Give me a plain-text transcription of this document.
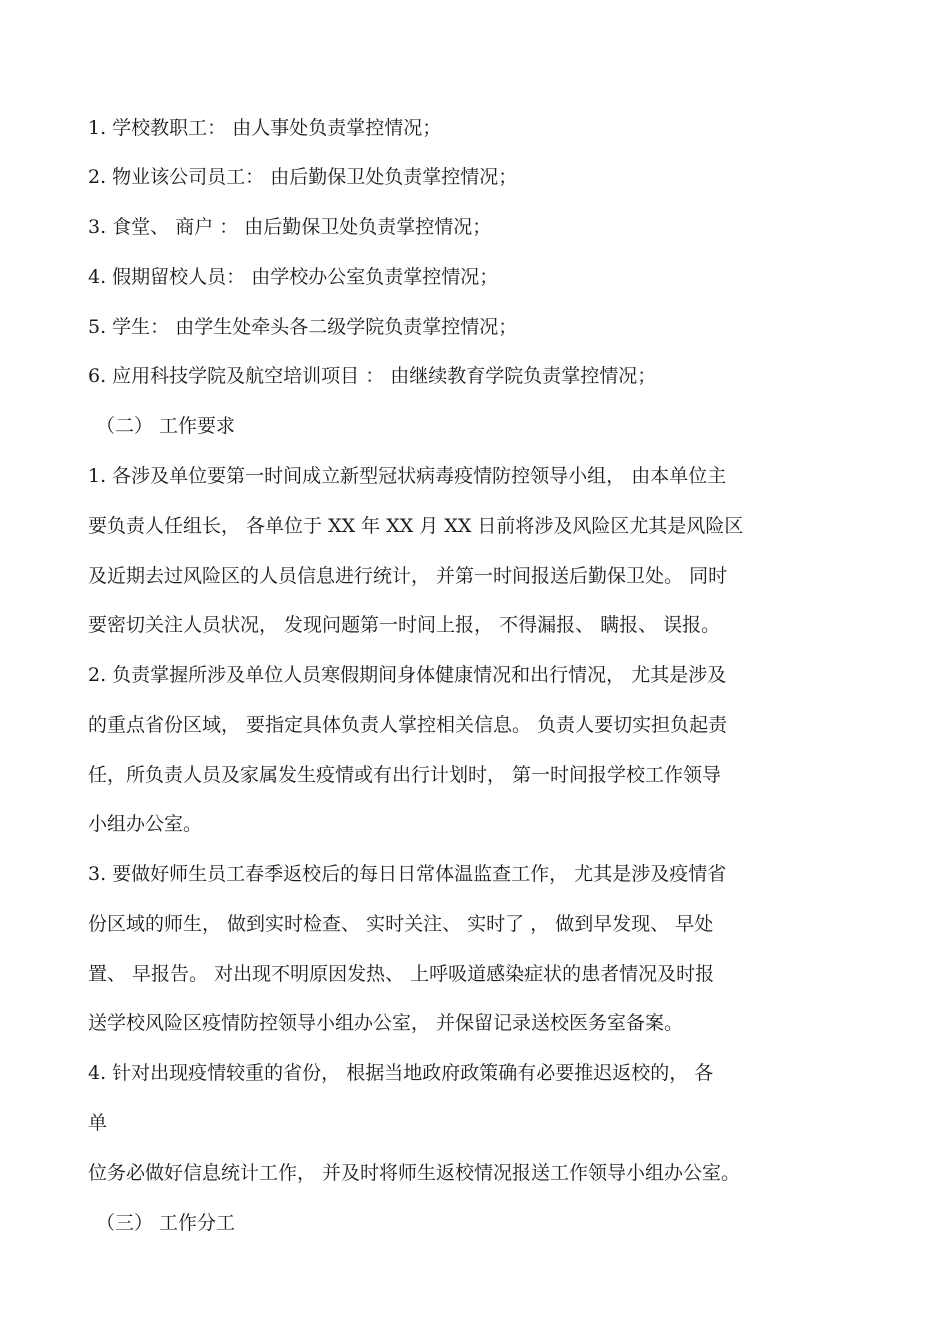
1. 学校教职工： 由人事处负责掌控情况；
2. 物业该公司员工： 由后勤保卫处负责掌控情况；
3. 食堂、 商户 ： 由后勤保卫处负责掌控情况；
4. 假期留校人员： 由学校办公室负责掌控情况；
5. 学生： 由学生处牵头各二级学院负责掌控情况；
6. 应用科技学院及航空培训项目 ： 由继续教育学院负责掌控情况；
（二） 工作要求
1. 各涉及单位要第一时间成立新型冠状病毒疫情防控领导小组， 由本单位主
要负责人任组长， 各单位于 XX 年 XX 月 XX 日前将涉及风险区尤其是风险区
及近期去过风险区的人员信息进行统计， 并第一时间报送后勤保卫处。 同时
要密切关注人员状况， 发现问题第一时间上报， 不得漏报、 瞒报、 误报。
2. 负责掌握所涉及单位人员寒假期间身体健康情况和出行情况， 尤其是涉及
的重点省份区域， 要指定具体负责人掌控相关信息。 负责人要切实担负起责
任，所负责人员及家属发生疫情或有出行计划时， 第一时间报学校工作领导
小组办公室。
3. 要做好师生员工春季返校后的每日日常体温监查工作， 尤其是涉及疫情省
份区域的师生， 做到实时检查、 实时关注、 实时了 ， 做到早发现、 早处
置、 早报告。 对出现不明原因发热、 上呼吸道感染症状的患者情况及时报
送学校风险区疫情防控领导小组办公室， 并保留记录送校医务室备案。
4. 针对出现疫情较重的省份， 根据当地政府政策确有必要推迟返校的， 各
单
位务必做好信息统计工作， 并及时将师生返校情况报送工作领导小组办公室。
（三） 工作分工
